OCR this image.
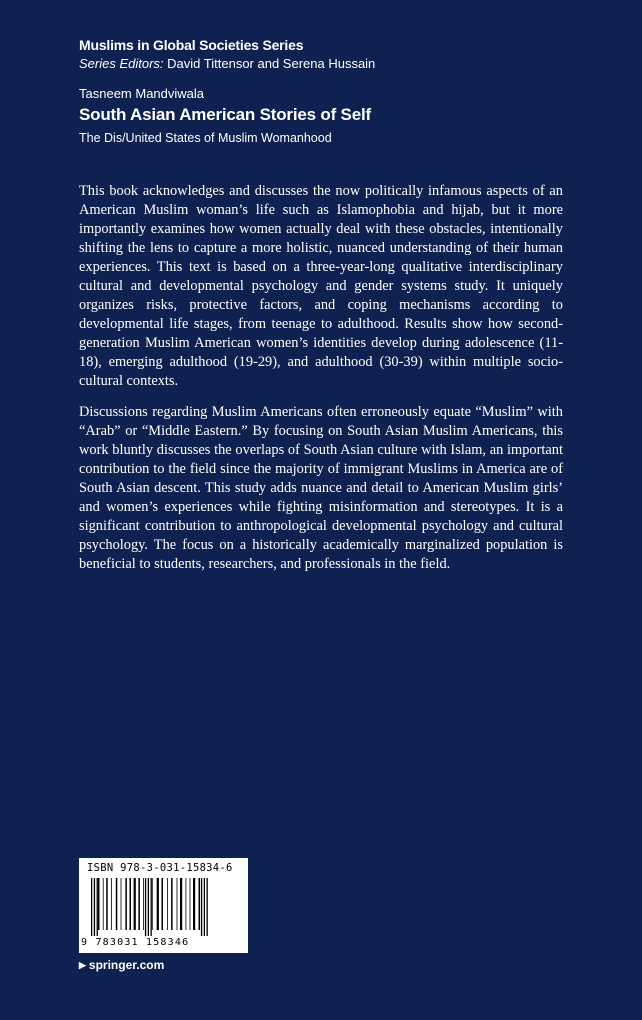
Muslims in Global Societies Series
Series Editors: David Tittensor and Serena Hussain
Tasneem Mandviwala
South Asian American Stories of Self
The Dis/United States of Muslim Womanhood

This book acknowledges and discusses the now politically infamous aspects of an American Muslim woman’s life such as Islamophobia and hijab, but it more importantly examines how women actually deal with these obstacles, intentionally shifting the lens to capture a more holistic, nuanced understanding of their human experiences. This text is based on a three-year-long qualitative interdisciplinary cultural and developmental psychology and gender systems study. It uniquely organizes risks, protective factors, and coping mechanisms according to developmental life stages, from teenage to adulthood. Results show how second-generation Muslim American women’s identities develop during adolescence (11-18), emerging adulthood (19-29), and adulthood (30-39) within multiple socio-cultural contexts.

Discussions regarding Muslim Americans often erroneously equate “Muslim” with “Arab” or “Middle Eastern.” By focusing on South Asian Muslim Americans, this work bluntly discusses the overlaps of South Asian culture with Islam, an important contribution to the field since the majority of immigrant Muslims in America are of South Asian descent. This study adds nuance and detail to American Muslim girls’ and women’s experiences while fighting misinformation and stereotypes. It is a significant contribution to anthropological developmental psychology and cultural psychology. The focus on a historically academically marginalized population is beneficial to students, researchers, and professionals in the field.

ISBN 978-3-031-15834-6
9 783031 158346
▶ springer.com
